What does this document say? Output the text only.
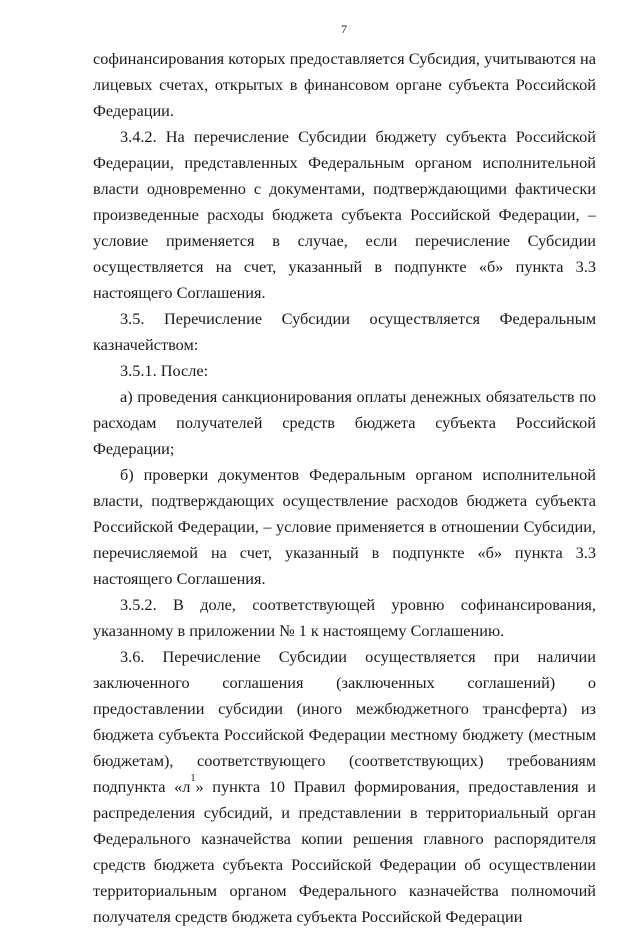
7

софинансирования которых предоставляется Субсидия, учитываются на лицевых счетах, открытых в финансовом органе субъекта Российской Федерации.

3.4.2. На перечисление Субсидии бюджету субъекта Российской Федерации, представленных Федеральным органом исполнительной власти одновременно с документами, подтверждающими фактически произведенные расходы бюджета субъекта Российской Федерации, – условие применяется в случае, если перечисление Субсидии осуществляется на счет, указанный в подпункте «б» пункта 3.3 настоящего Соглашения.

3.5. Перечисление Субсидии осуществляется Федеральным казначейством:

3.5.1. После:

а) проведения санкционирования оплаты денежных обязательств по расходам получателей средств бюджета субъекта Российской Федерации;

б) проверки документов Федеральным органом исполнительной власти, подтверждающих осуществление расходов бюджета субъекта Российской Федерации, – условие применяется в отношении Субсидии, перечисляемой на счет, указанный в подпункте «б» пункта 3.3 настоящего Соглашения.

3.5.2. В доле, соответствующей уровню софинансирования, указанному в приложении № 1 к настоящему Соглашению.

3.6. Перечисление Субсидии осуществляется при наличии заключенного соглашения (заключенных соглашений) о предоставлении субсидии (иного межбюджетного трансферта) из бюджета субъекта Российской Федерации местному бюджету (местным бюджетам), соответствующего (соответствующих) требованиям подпункта «$л^1$» пункта 10 Правил формирования, предоставления и распределения субсидий, и представлении в территориальный орган Федерального казначейства копии решения главного распорядителя средств бюджета субъекта Российской Федерации об осуществлении территориальным органом Федерального казначейства полномочий получателя средств бюджета субъекта Российской Федерации
